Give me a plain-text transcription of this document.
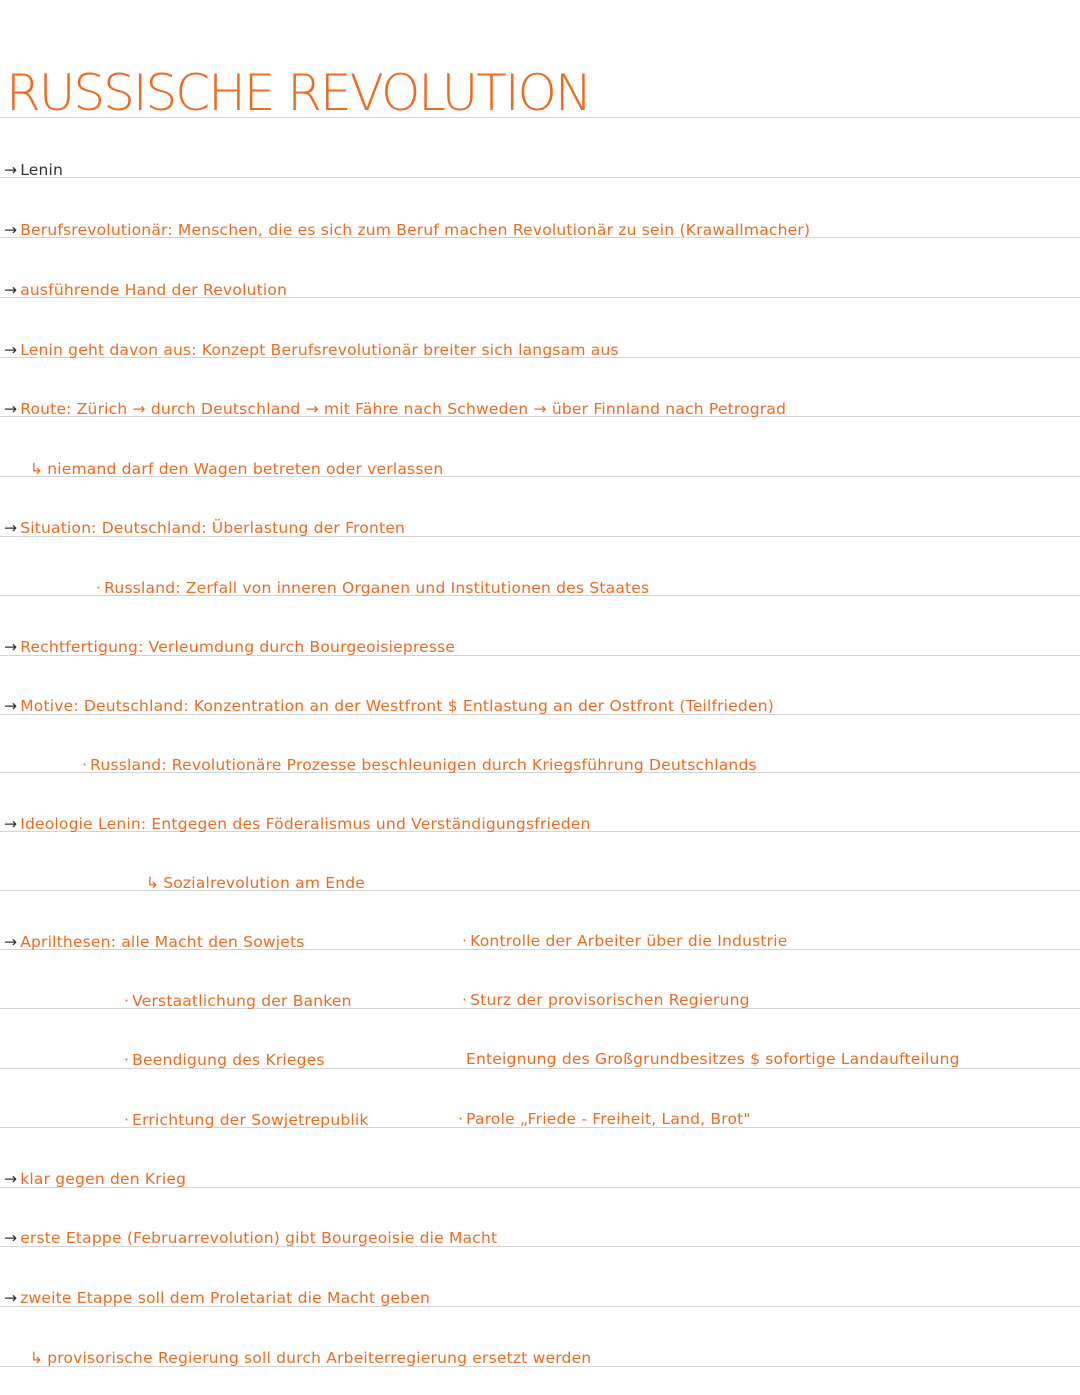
RUSSISCHE REVOLUTION
→ Lenin
→ Berufsrevolutionär: Menschen, die es sich zum Beruf machen Revolutionär zu sein (Krawallmacher)
→ ausführende Hand der Revolution
→ Lenin geht davon aus: Konzept Berufsrevolutionär breiter sich langsam aus
→ Route: Zürich → durch Deutschland → mit Fähre nach Schweden → über Finnland nach Petrograd
↳ niemand darf den Wagen betreten oder verlassen
→ Situation: Deutschland: Überlastung der Fronten
· Russland: Zerfall von inneren Organen und Institutionen des Staates
→ Rechtfertigung: Verleumdung durch Bourgeoisiepresse
→ Motive: Deutschland: Konzentration an der Westfront $ Entlastung an der Ostfront (Teilfrieden)
· Russland: Revolutionäre Prozesse beschleunigen durch Kriegsführung Deutschlands
→ Ideologie Lenin: Entgegen des Föderalismus und Verständigungsfrieden
↳ Sozialrevolution am Ende
→ Aprilthesen: alle Macht den Sowjets	· Kontrolle der Arbeiter über die Industrie
· Verstaatlichung der Banken	· Sturz der provisorischen Regierung
· Beendigung des Krieges	Enteignung des Großgrundbesitzes $ sofortige Landaufteilung
· Errichtung der Sowjetrepublik	· Parole „Friede - Freiheit, Land, Brot"
→ klar gegen den Krieg
→ erste Etappe (Februarrevolution) gibt Bourgeoisie die Macht
→ zweite Etappe soll dem Proletariat die Macht geben
↳ provisorische Regierung soll durch Arbeiterregierung ersetzt werden
